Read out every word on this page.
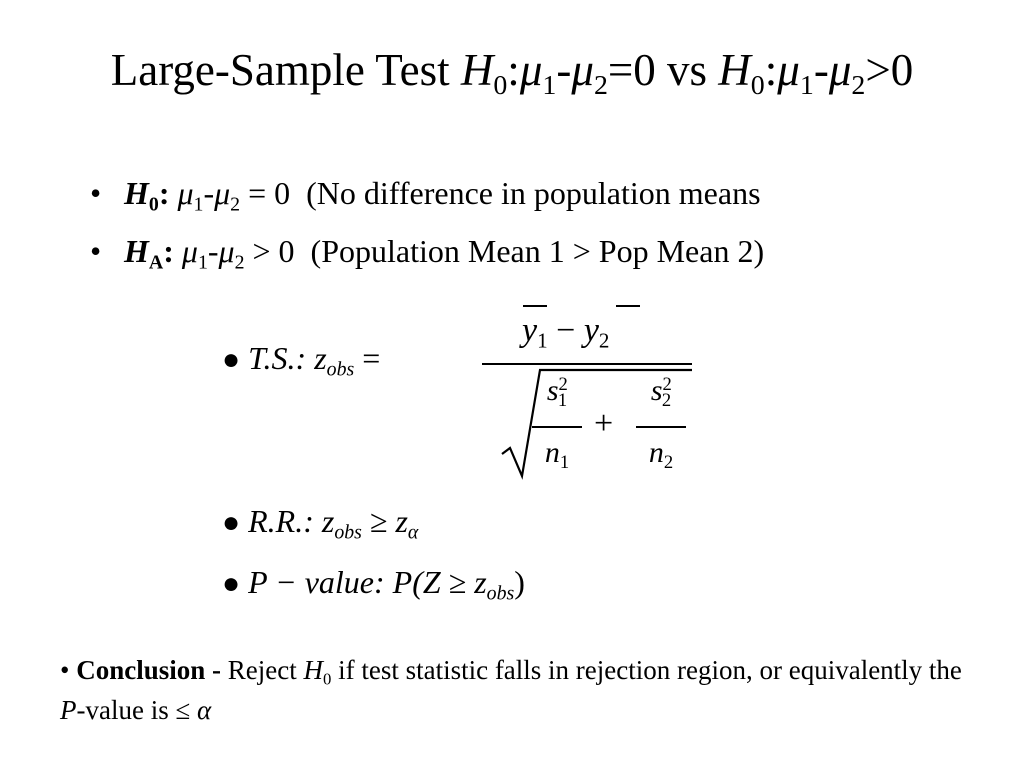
Large-Sample Test $H_0:\mu_1-\mu_2=0$ vs $H_0:\mu_1-\mu_2>0$
• $H_0$: $\mu_1-\mu_2 = 0$ (No difference in population means
• $H_A$: $\mu_1-\mu_2 > 0$ (Population Mean 1 > Pop Mean 2)
● T.S.: $z_{obs}$ =
$y_1 - y_2$
$s^2_1$
$n_1$
+
$s^2_2$
$n_2$
● R.R.: $z_{obs} \ge z_\alpha$
● P − value: $P(Z \ge z_{obs})$
• Conclusion - Reject $H_0$ if test statistic falls in rejection region, or equivalently the P-value is ≤ α
